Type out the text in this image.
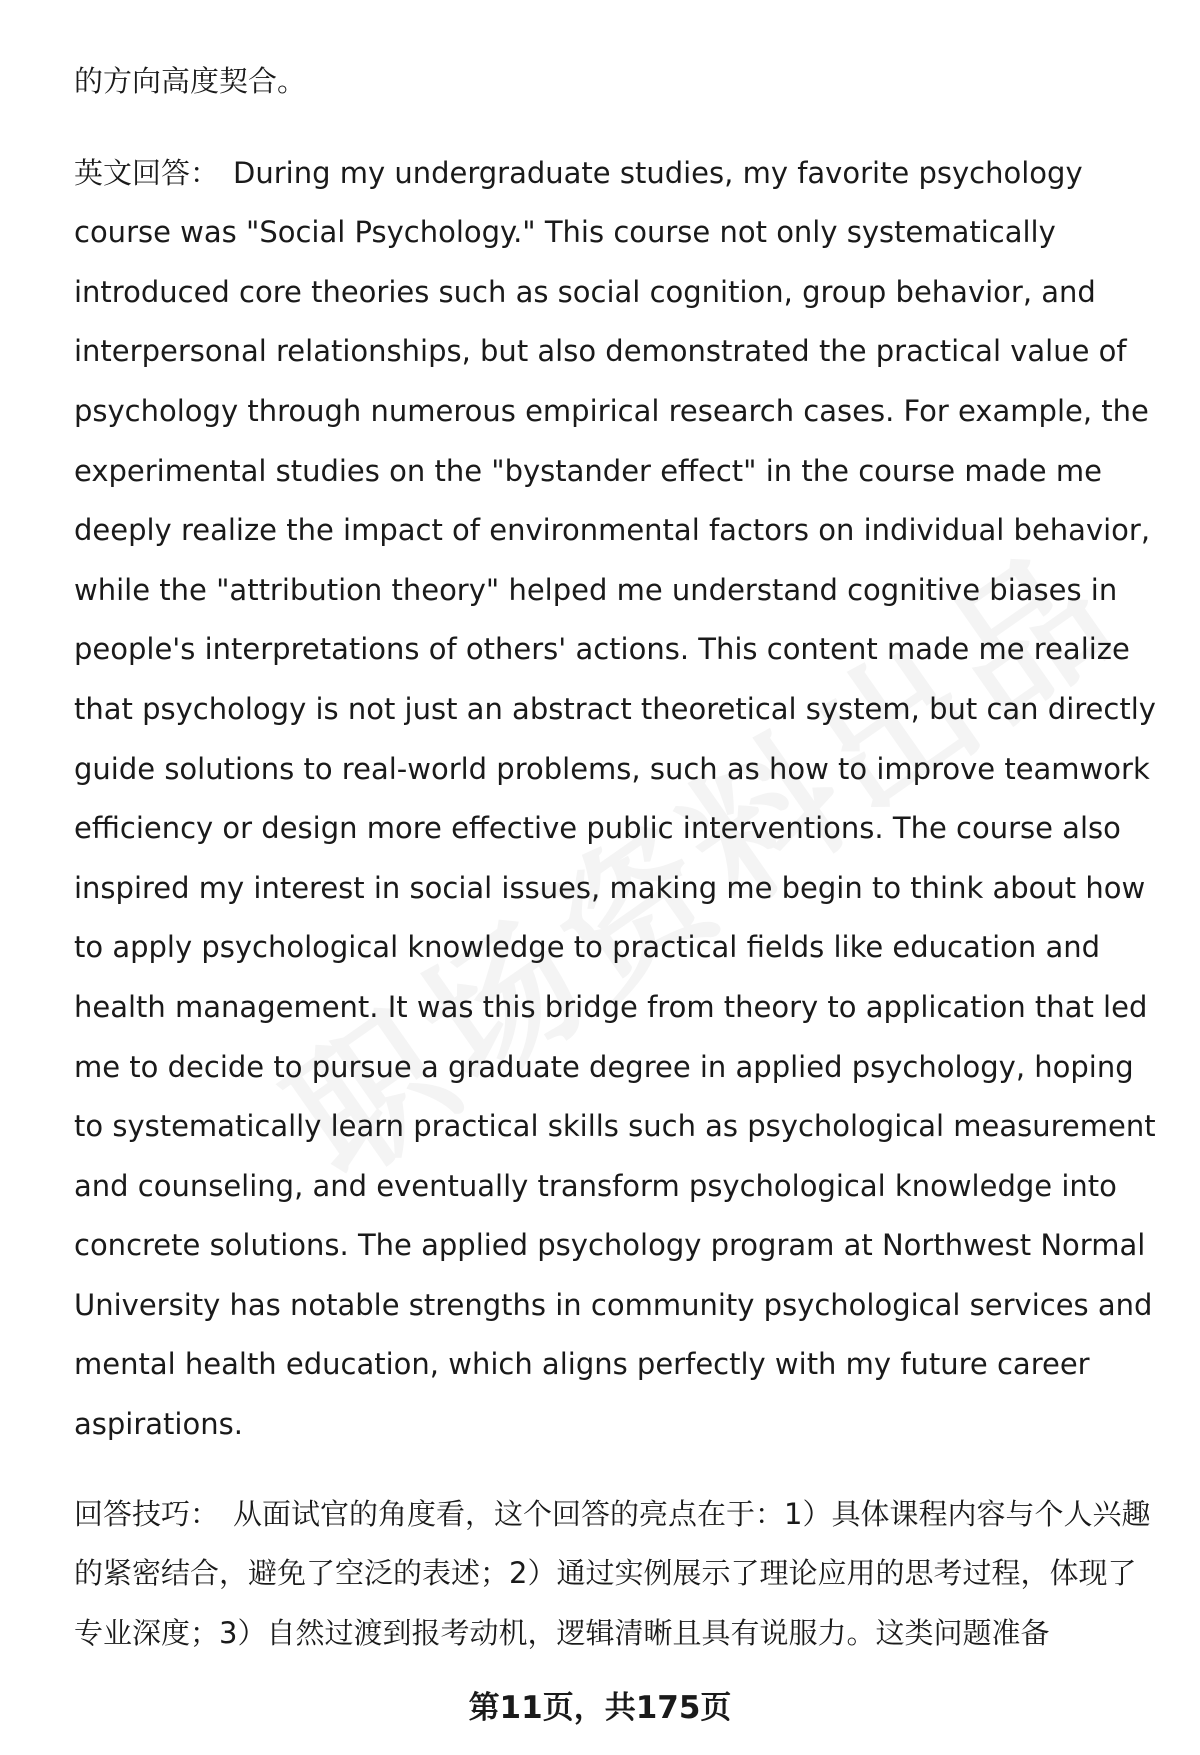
的方向高度契合。

英文回答： During my undergraduate studies, my favorite psychology course was "Social Psychology." This course not only systematically introduced core theories such as social cognition, group behavior, and interpersonal relationships, but also demonstrated the practical value of psychology through numerous empirical research cases. For example, the experimental studies on the "bystander effect" in the course made me deeply realize the impact of environmental factors on individual behavior, while the "attribution theory" helped me understand cognitive biases in people's interpretations of others' actions. This content made me realize that psychology is not just an abstract theoretical system, but can directly guide solutions to real-world problems, such as how to improve teamwork efficiency or design more effective public interventions. The course also inspired my interest in social issues, making me begin to think about how to apply psychological knowledge to practical fields like education and health management. It was this bridge from theory to application that led me to decide to pursue a graduate degree in applied psychology, hoping to systematically learn practical skills such as psychological measurement and counseling, and eventually transform psychological knowledge into concrete solutions. The applied psychology program at Northwest Normal University has notable strengths in community psychological services and mental health education, which aligns perfectly with my future career aspirations.

回答技巧： 从面试官的角度看，这个回答的亮点在于：1）具体课程内容与个人兴趣的紧密结合，避免了空泛的表述；2）通过实例展示了理论应用的思考过程，体现了专业深度；3）自然过渡到报考动机，逻辑清晰且具有说服力。这类问题准备

第11页，共175页
